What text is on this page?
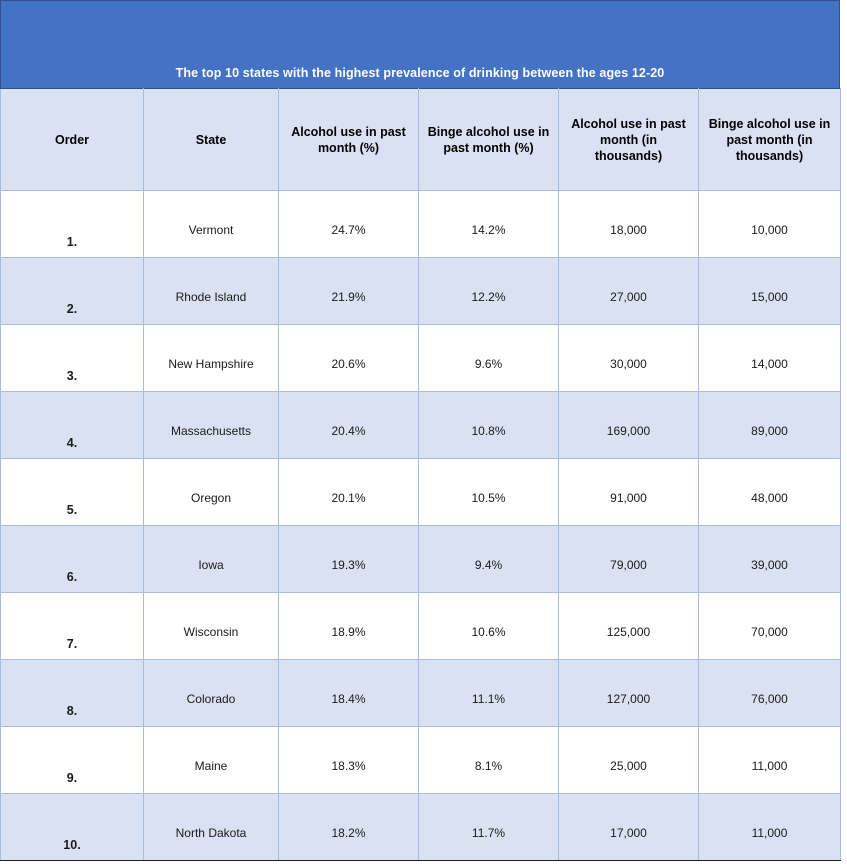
The top 10 states with the highest prevalence of drinking between the ages 12-20
Order	State	Alcohol use in past month (%)	Binge alcohol use in past month (%)	Alcohol use in past month (in thousands)	Binge alcohol use in past month (in thousands)
1.	Vermont	24.7%	14.2%	18,000	10,000
2.	Rhode Island	21.9%	12.2%	27,000	15,000
3.	New Hampshire	20.6%	9.6%	30,000	14,000
4.	Massachusetts	20.4%	10.8%	169,000	89,000
5.	Oregon	20.1%	10.5%	91,000	48,000
6.	Iowa	19.3%	9.4%	79,000	39,000
7.	Wisconsin	18.9%	10.6%	125,000	70,000
8.	Colorado	18.4%	11.1%	127,000	76,000
9.	Maine	18.3%	8.1%	25,000	11,000
10.	North Dakota	18.2%	11.7%	17,000	11,000
